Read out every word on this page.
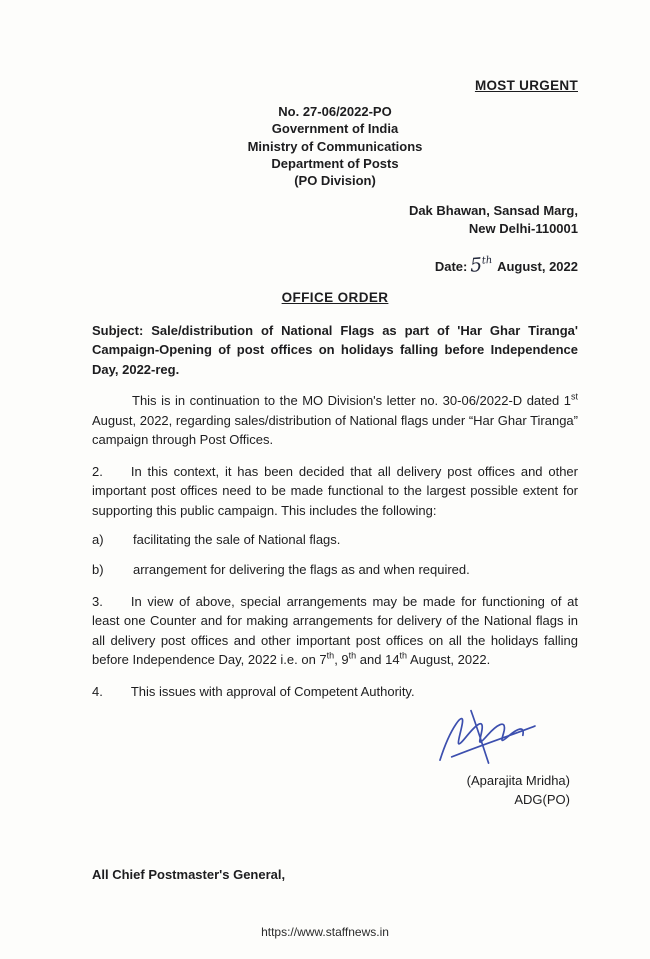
MOST URGENT
No. 27-06/2022-PO
Government of India
Ministry of Communications
Department of Posts
(PO Division)
Dak Bhawan, Sansad Marg,
New Delhi-110001
Date: 5th August, 2022
OFFICE ORDER
Subject: Sale/distribution of National Flags as part of 'Har Ghar Tiranga' Campaign-Opening of post offices on holidays falling before Independence Day, 2022-reg.

This is in continuation to the MO Division's letter no. 30-06/2022-D dated 1st August, 2022, regarding sales/distribution of National flags under “Har Ghar Tiranga” campaign through Post Offices.

2. In this context, it has been decided that all delivery post offices and other important post offices need to be made functional to the largest possible extent for supporting this public campaign. This includes the following:

a)	facilitating the sale of National flags.
b)	arrangement for delivering the flags as and when required.

3. In view of above, special arrangements may be made for functioning of at least one Counter and for making arrangements for delivery of the National flags in all delivery post offices and other important post offices on all the holidays falling before Independence Day, 2022 i.e. on 7th, 9th and 14th August, 2022.

4. This issues with approval of Competent Authority.

(Aparajita Mridha)
ADG(PO)
All Chief Postmaster's General,
https://www.staffnews.in
